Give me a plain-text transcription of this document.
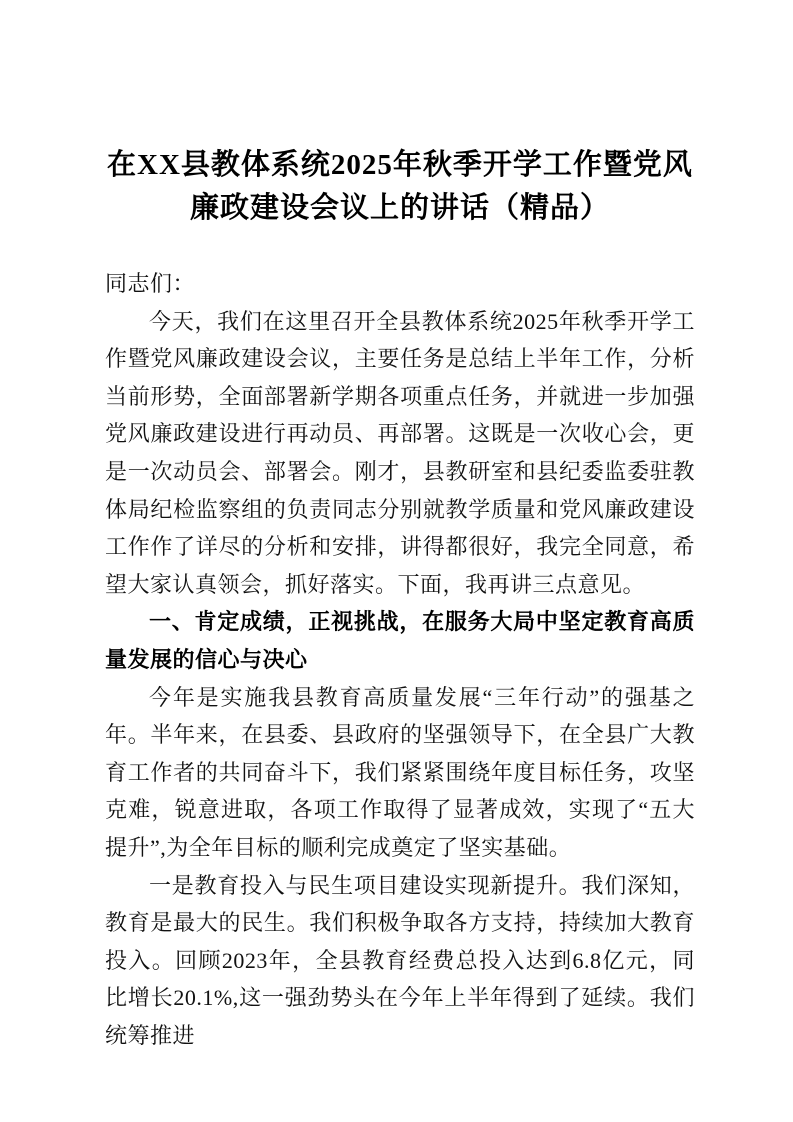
在XX县教体系统2025年秋季开学工作暨党风
廉政建设会议上的讲话（精品）

同志们：

今天，我们在这里召开全县教体系统2025年秋季开学工作暨党风廉政建设会议，主要任务是总结上半年工作，分析当前形势，全面部署新学期各项重点任务，并就进一步加强党风廉政建设进行再动员、再部署。这既是一次收心会，更是一次动员会、部署会。刚才，县教研室和县纪委监委驻教体局纪检监察组的负责同志分别就教学质量和党风廉政建设工作作了详尽的分析和安排，讲得都很好，我完全同意，希望大家认真领会，抓好落实。下面，我再讲三点意见。

一、肯定成绩，正视挑战，在服务大局中坚定教育高质量发展的信心与决心

今年是实施我县教育高质量发展“三年行动”的强基之年。半年来，在县委、县政府的坚强领导下，在全县广大教育工作者的共同奋斗下，我们紧紧围绕年度目标任务，攻坚克难，锐意进取，各项工作取得了显著成效，实现了“五大提升”,为全年目标的顺利完成奠定了坚实基础。

一是教育投入与民生项目建设实现新提升。我们深知，教育是最大的民生。我们积极争取各方支持，持续加大教育投入。回顾2023年，全县教育经费总投入达到6.8亿元，同比增长20.1%,这一强劲势头在今年上半年得到了延续。我们统筹推进
